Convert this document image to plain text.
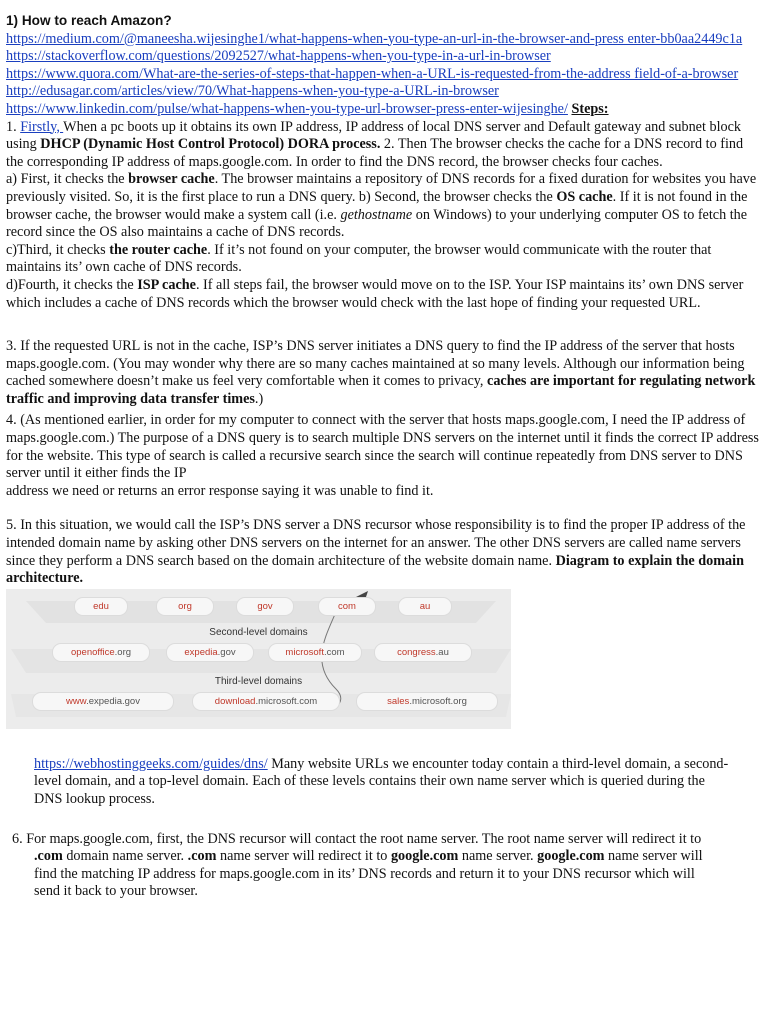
1) How to reach Amazon?
https://medium.com/@maneesha.wijesinghe1/what-happens-when-you-type-an-url-in-the-browser-and-press enter-bb0aa2449c1a
https://stackoverflow.com/questions/2092527/what-happens-when-you-type-in-a-url-in-browser
https://www.quora.com/What-are-the-series-of-steps-that-happen-when-a-URL-is-requested-from-the-address field-of-a-browser
http://edusagar.com/articles/view/70/What-happens-when-you-type-a-URL-in-browser

https://www.linkedin.com/pulse/what-happens-when-you-type-url-browser-press-enter-wijesinghe/ Steps:

1. Firstly, When a pc boots up it obtains its own IP address, IP address of local DNS server and Default gateway and subnet block using DHCP (Dynamic Host Control Protocol) DORA process. 2. Then The browser checks the cache for a DNS record to find the corresponding IP address of maps.google.com. In order to find the DNS record, the browser checks four caches.

a) First, it checks the browser cache. The browser maintains a repository of DNS records for a fixed duration for websites you have previously visited. So, it is the first place to run a DNS query. b) Second, the browser checks the OS cache. If it is not found in the browser cache, the browser would make a system call (i.e. gethostname on Windows) to your underlying computer OS to fetch the record since the OS also maintains a cache of DNS records.

c)Third, it checks the router cache. If it’s not found on your computer, the browser would communicate with the router that maintains its’ own cache of DNS records.

d)Fourth, it checks the ISP cache. If all steps fail, the browser would move on to the ISP. Your ISP maintains its’ own DNS server which includes a cache of DNS records which the browser would check with the last hope of finding your requested URL.

3. If the requested URL is not in the cache, ISP’s DNS server initiates a DNS query to find the IP address of the server that hosts maps.google.com. (You may wonder why there are so many caches maintained at so many levels. Although our information being cached somewhere doesn’t make us feel very comfortable when it comes to privacy, caches are important for regulating network traffic and improving data transfer times.)

4. (As mentioned earlier, in order for my computer to connect with the server that hosts maps.google.com, I need the IP address of maps.google.com.) The purpose of a DNS query is to search multiple DNS servers on the internet until it finds the correct IP address for the website. This type of search is called a recursive search since the search will continue repeatedly from DNS server to DNS server until it either finds the IP
address we need or returns an error response saying it was unable to find it.

5. In this situation, we would call the ISP’s DNS server a DNS recursor whose responsibility is to find the proper IP address of the intended domain name by asking other DNS servers on the internet for an answer. The other DNS servers are called name servers since they perform a DNS search based on the domain architecture of the website domain name. Diagram to explain the domain architecture.

edu	org	gov	com	au
Second-level domains
openoffice.org	expedia.gov	microsoft.com	congress.au
Third-level domains
www.expedia.gov	download.microsoft.com	sales.microsoft.org

https://webhostinggeeks.com/guides/dns/ Many website URLs we encounter today contain a third-level domain, a second-level domain, and a top-level domain. Each of these levels contains their own name server which is queried during the DNS lookup process.

6. For maps.google.com, first, the DNS recursor will contact the root name server. The root name server will redirect it to .com domain name server. .com name server will redirect it to google.com name server. google.com name server will find the matching IP address for maps.google.com in its’ DNS records and return it to your DNS recursor which will send it back to your browser.
